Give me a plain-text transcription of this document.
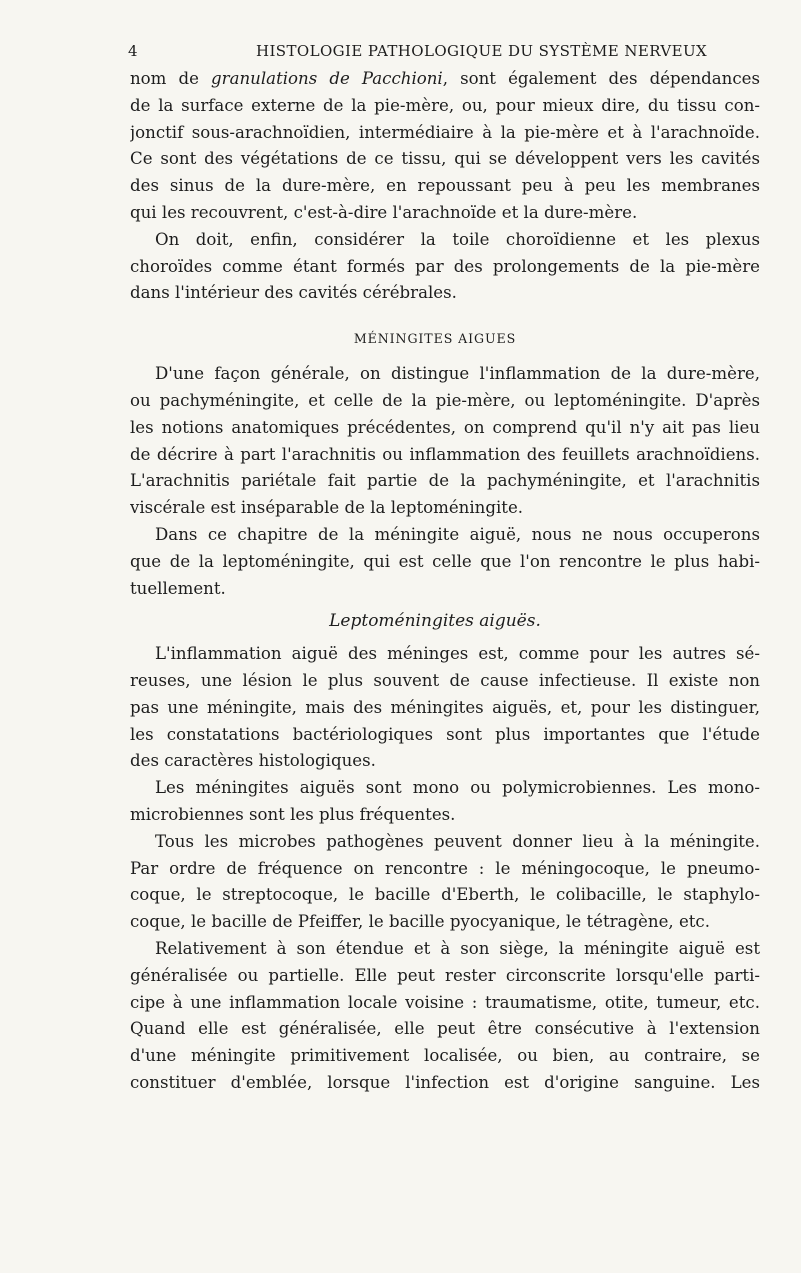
4	HISTOLOGIE PATHOLOGIQUE DU SYSTÈME NERVEUX
nom de granulations de Pacchioni, sont également des dépendances
de la surface externe de la pie-mère, ou, pour mieux dire, du tissu con-
jonctif sous-arachnoïdien, intermédiaire à la pie-mère et à l'arachnoïde.
Ce sont des végétations de ce tissu, qui se développent vers les cavités
des sinus de la dure-mère, en repoussant peu à peu les membranes
qui les recouvrent, c'est-à-dire l'arachnoïde et la dure-mère.
On doit, enfin, considérer la toile choroïdienne et les plexus
choroïdes comme étant formés par des prolongements de la pie-mère
dans l'intérieur des cavités cérébrales.
MÉNINGITES AIGUES
D'une façon générale, on distingue l'inflammation de la dure-mère,
ou pachyméningite, et celle de la pie-mère, ou leptoméningite. D'après
les notions anatomiques précédentes, on comprend qu'il n'y ait pas lieu
de décrire à part l'arachnitis ou inflammation des feuillets arachnoïdiens.
L'arachnitis pariétale fait partie de la pachyméningite, et l'arachnitis
viscérale est inséparable de la leptoméningite.
Dans ce chapitre de la méningite aiguë, nous ne nous occuperons
que de la leptoméningite, qui est celle que l'on rencontre le plus habi-
tuellement.
Leptoméningites aiguës.
L'inflammation aiguë des méninges est, comme pour les autres sé-
reuses, une lésion le plus souvent de cause infectieuse. Il existe non
pas une méningite, mais des méningites aiguës, et, pour les distinguer,
les constatations bactériologiques sont plus importantes que l'étude
des caractères histologiques.
Les méningites aiguës sont mono ou polymicrobiennes. Les mono-
microbiennes sont les plus fréquentes.
Tous les microbes pathogènes peuvent donner lieu à la méningite.
Par ordre de fréquence on rencontre : le méningocoque, le pneumo-
coque, le streptocoque, le bacille d'Eberth, le colibacille, le staphylo-
coque, le bacille de Pfeiffer, le bacille pyocyanique, le tétragène, etc.
Relativement à son étendue et à son siège, la méningite aiguë est
généralisée ou partielle. Elle peut rester circonscrite lorsqu'elle parti-
cipe à une inflammation locale voisine : traumatisme, otite, tumeur, etc.
Quand elle est généralisée, elle peut être consécutive à l'extension
d'une méningite primitivement localisée, ou bien, au contraire, se
constituer d'emblée, lorsque l'infection est d'origine sanguine. Les
